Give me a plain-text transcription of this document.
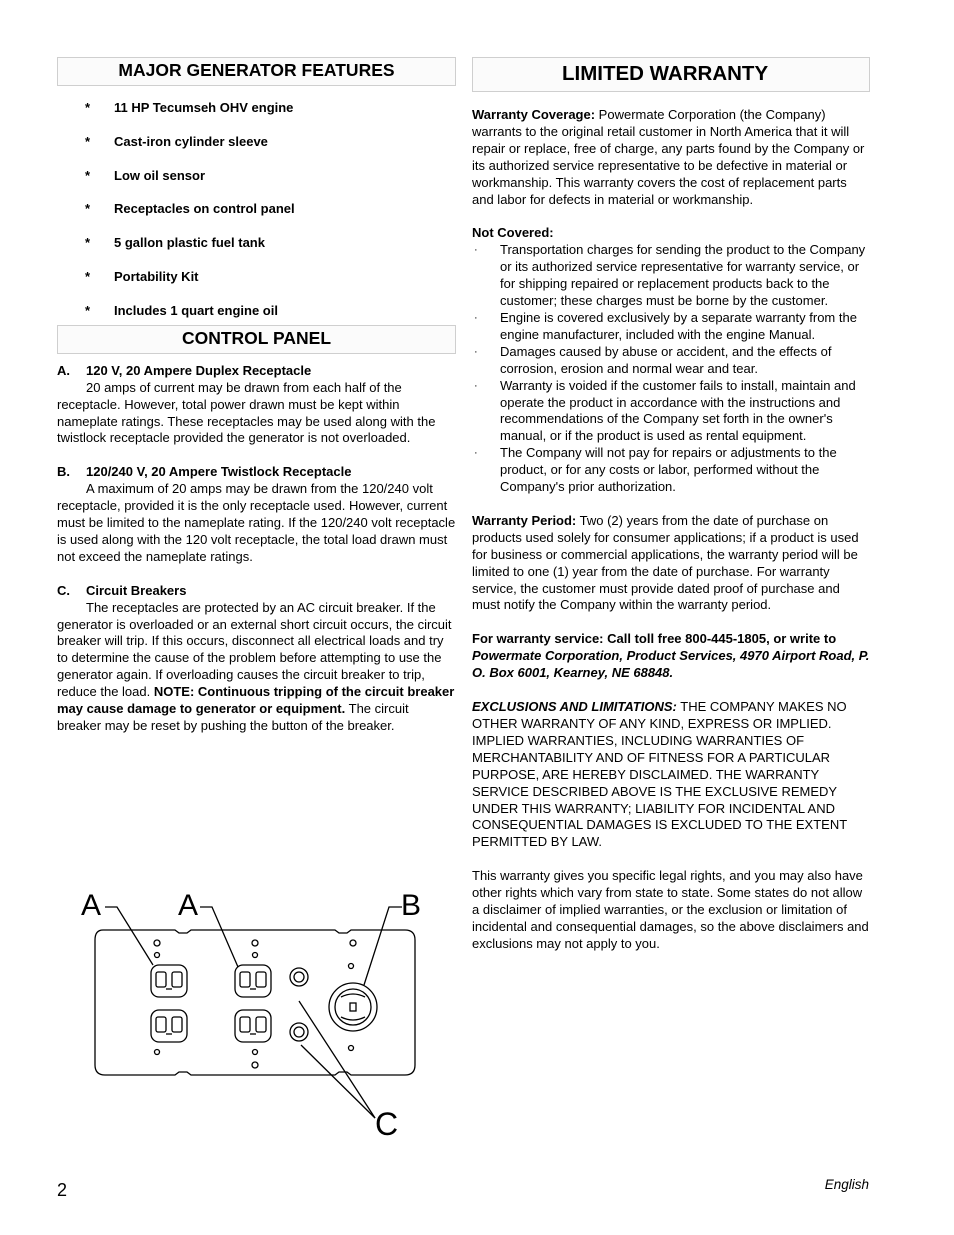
MAJOR GENERATOR FEATURES
* 11 HP Tecumseh OHV engine
* Cast-iron cylinder sleeve
* Low oil sensor
* Receptacles on control panel
* 5 gallon plastic fuel tank
* Portability Kit
* Includes 1 quart engine oil
CONTROL PANEL
A. 120 V, 20 Ampere Duplex Receptacle

20 amps of current may be drawn from each half of the receptacle. However, total power drawn must be kept within nameplate ratings. These receptacles may be used along with the twistlock receptacle provided the generator is not overloaded.

B. 120/240 V, 20 Ampere Twistlock Receptacle

A maximum of 20 amps may be drawn from the 120/240 volt receptacle, provided it is the only receptacle used. However, current must be limited to the nameplate rating. If the 120/240 volt receptacle is used along with the 120 volt receptacle, the total load drawn must not exceed the nameplate ratings.

C. Circuit Breakers

The receptacles are protected by an AC circuit breaker. If the generator is overloaded or an external short circuit occurs, the circuit breaker will trip. If this occurs, disconnect all electrical loads and try to determine the cause of the problem before attempting to use the generator again. If overloading causes the circuit breaker to trip, reduce the load. NOTE: Continuous tripping of the circuit breaker may cause damage to generator or equipment. The circuit breaker may be reset by pushing the button of the breaker.

A	A	B
C
LIMITED WARRANTY
Warranty Coverage: Powermate Corporation (the Company) warrants to the original retail customer in North America that it will repair or replace, free of charge, any parts found by the Company or its authorized service representative to be defective in material or workmanship. This warranty covers the cost of replacement parts and labor for defects in material or workmanship.
Not Covered:
· Transportation charges for sending the product to the Company or its authorized service representative for warranty service, or for shipping repaired or replacement products back to the customer; these charges must be borne by the customer.
· Engine is covered exclusively by a separate warranty from the engine manufacturer, included with the engine Manual.
· Damages caused by abuse or accident, and the effects of corrosion, erosion and normal wear and tear.
· Warranty is voided if the customer fails to install, maintain and operate the product in accordance with the instructions and recommendations of the Company set forth in the owner's manual, or if the product is used as rental equipment.
· The Company will not pay for repairs or adjustments to the product, or for any costs or labor, performed without the Company's prior authorization.
Warranty Period: Two (2) years from the date of purchase on products used solely for consumer applications; if a product is used for business or commercial applications, the warranty period will be limited to one (1) year from the date of purchase. For warranty service, the customer must provide dated proof of purchase and must notify the Company within the warranty period.
For warranty service: Call toll free 800-445-1805, or write to Powermate Corporation, Product Services, 4970 Airport Road, P. O. Box 6001, Kearney, NE 68848.
EXCLUSIONS AND LIMITATIONS: THE COMPANY MAKES NO OTHER WARRANTY OF ANY KIND, EXPRESS OR IMPLIED. IMPLIED WARRANTIES, INCLUDING WARRANTIES OF MERCHANTABILITY AND OF FITNESS FOR A PARTICULAR PURPOSE, ARE HEREBY DISCLAIMED. THE WARRANTY SERVICE DESCRIBED ABOVE IS THE EXCLUSIVE REMEDY UNDER THIS WARRANTY; LIABILITY FOR INCIDENTAL AND CONSEQUENTIAL DAMAGES IS EXCLUDED TO THE EXTENT PERMITTED BY LAW.
This warranty gives you specific legal rights, and you may also have other rights which vary from state to state. Some states do not allow a disclaimer of implied warranties, or the exclusion or limitation of incidental and consequential damages, so the above disclaimers and exclusions may not apply to you.
2	English
